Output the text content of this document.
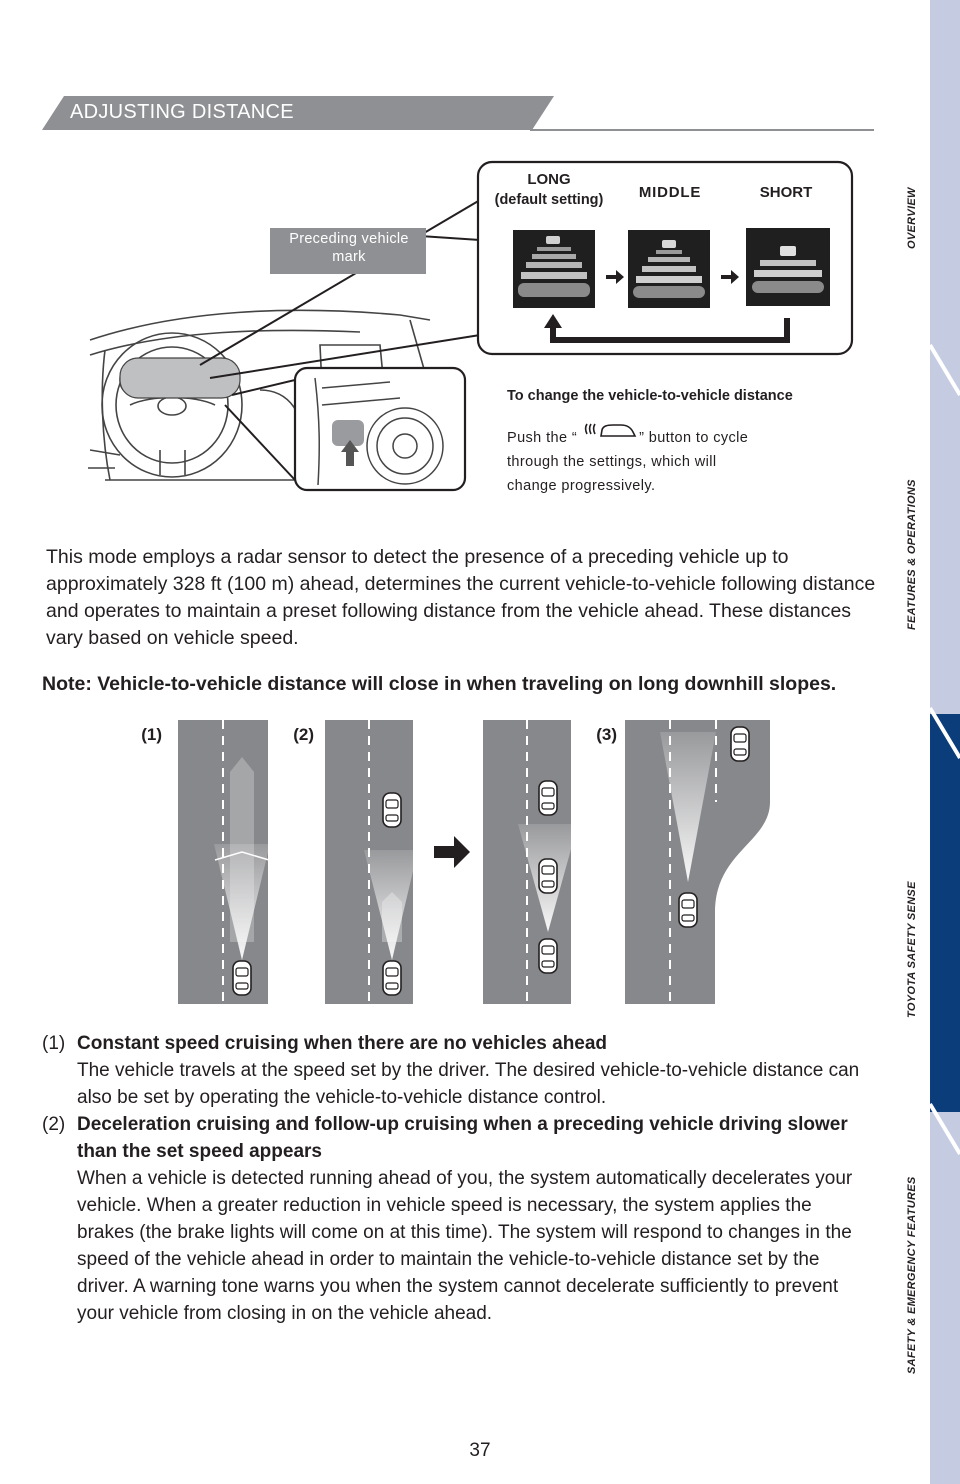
ADJUSTING DISTANCE
OVERVIEW
FEATURES & OPERATIONS
TOYOTA SAFETY SENSE
SAFETY & EMERGENCY FEATURES
Preceding vehicle mark
LONG
(default setting)	MIDDLE	SHORT
To change the vehicle-to-vehicle distance
Push the “	” button to cycle
through the settings, which will
change progressively.
This mode employs a radar sensor to detect the presence of a preceding vehicle up to approximately 328 ft (100 m) ahead, determines the current vehicle-to-vehicle following distance and operates to maintain a preset following distance from the vehicle ahead. These distances vary based on vehicle speed.
Note: Vehicle-to-vehicle distance will close in when traveling on long downhill slopes.
(1)	(2)	(3)
(1) Constant speed cruising when there are no vehicles ahead
The vehicle travels at the speed set by the driver. The desired vehicle-to-vehicle distance can also be set by operating the vehicle-to-vehicle distance control.
(2) Deceleration cruising and follow-up cruising when a preceding vehicle driving slower than the set speed appears
When a vehicle is detected running ahead of you, the system automatically decelerates your vehicle. When a greater reduction in vehicle speed is necessary, the system applies the brakes (the brake lights will come on at this time). The system will respond to changes in the speed of the vehicle ahead in order to maintain the vehicle-to-vehicle distance set by the driver. A warning tone warns you when the system cannot decelerate sufficiently to prevent your vehicle from closing in on the vehicle ahead.
37
